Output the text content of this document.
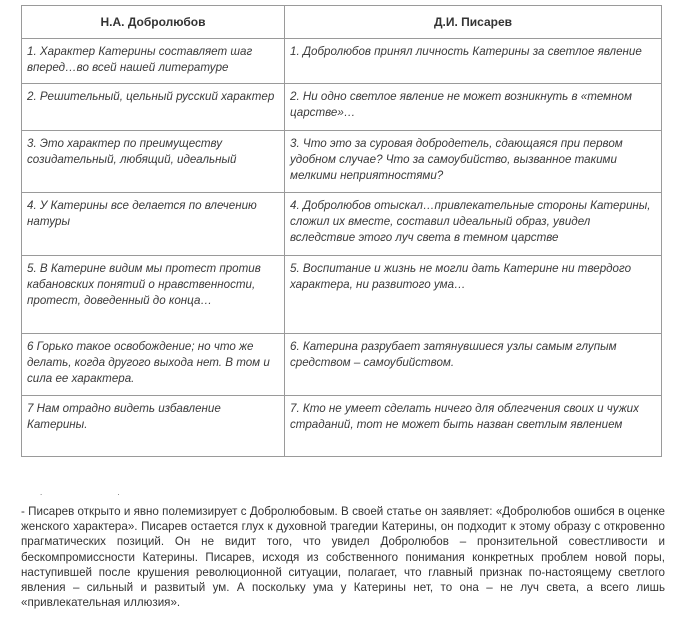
Н.А. Добролюбов	Д.И. Писарев
1. Характер Катерины составляет шаг вперед…во всей нашей литературе	1. Добролюбов принял личность Катерины за светлое явление
2. Решительный, цельный русский характер	2. Ни одно светлое явление не может возникнуть в «темном царстве»…
3. Это характер по преимуществу созидательный, любящий, идеальный	3. Что это за суровая добродетель, сдающаяся при первом удобном случае? Что за самоубийство, вызванное такими мелкими неприятностями?
4. У Катерины все делается по влечению натуры	4. Добролюбов отыскал…привлекательные стороны Катерины, сложил их вместе, составил идеальный образ, увидел вследствие этого луч света в темном царстве
5. В Катерине видим мы протест против кабановских понятий о нравственности, протест, доведенный до конца…	5. Воспитание и жизнь не могли дать Катерине ни твердого характера, ни развитого ума…
6 Горько такое освобождение; но что же делать, когда другого выхода нет. В том и сила ее характера.	6. Катерина разрубает затянувшиеся узлы самым глупым средством – самоубийством.
7 Нам отрадно видеть избавление Катерины.	7. Кто не умеет сделать ничего для облегчения своих и чужих страданий, тот не может быть назван светлым явлением
.	.

- Писарев открыто и явно полемизирует с Добролюбовым. В своей статье он заявляет: «Добролюбов ошибся в оценке женского характера». Писарев остается глух к духовной трагедии Катерины, он подходит к этому образу с откровенно прагматических позиций. Он не видит того, что увидел Добролюбов – пронзительной совестливости и бескомпромиссности Катерины. Писарев, исходя из собственного понимания конкретных проблем новой поры, наступившей после крушения революционной ситуации, полагает, что главный признак по-настоящему светлого явления – сильный и развитый ум. А поскольку ума у Катерины нет, то она – не луч света, а всего лишь «привлекательная иллюзия».
